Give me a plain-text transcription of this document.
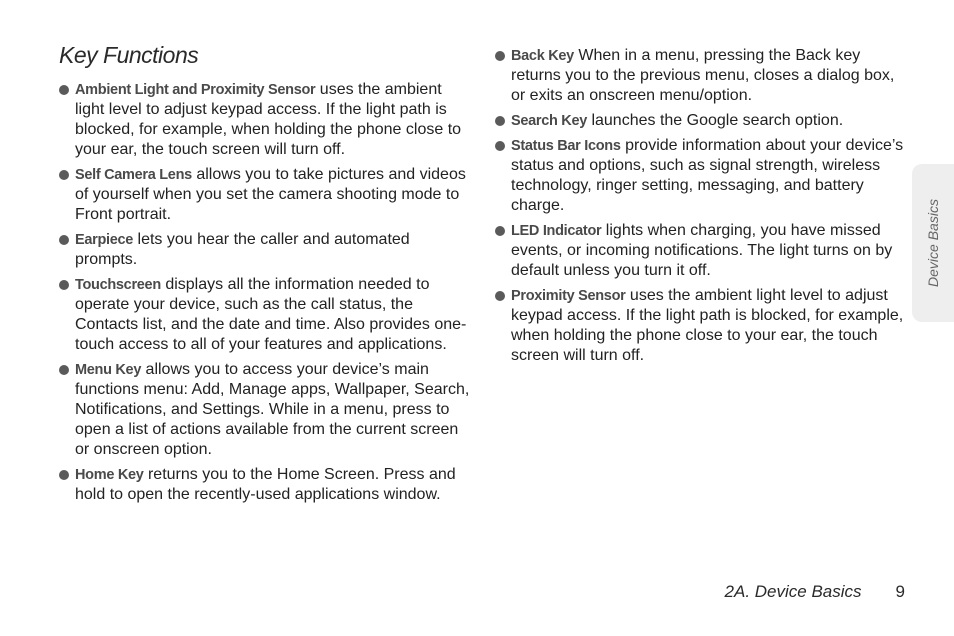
Key Functions
Ambient Light and Proximity Sensor uses the ambient light level to adjust keypad access. If the light path is blocked, for example, when holding the phone close to your ear, the touch screen will turn off.
Self Camera Lens allows you to take pictures and videos of yourself when you set the camera shooting mode to Front portrait.
Earpiece lets you hear the caller and automated prompts.
Touchscreen displays all the information needed to operate your device, such as the call status, the Contacts list, and the date and time. Also provides one-touch access to all of your features and applications.
Menu Key allows you to access your device’s main functions menu: Add, Manage apps, Wallpaper, Search, Notifications, and Settings. While in a menu, press to open a list of actions available from the current screen or onscreen option.
Home Key returns you to the Home Screen. Press and hold to open the recently-used applications window.
Back Key When in a menu, pressing the Back key returns you to the previous menu, closes a dialog box, or exits an onscreen menu/option.
Search Key launches the Google search option.
Status Bar Icons provide information about your device’s status and options, such as signal strength, wireless technology, ringer setting, messaging, and battery charge.
LED Indicator lights when charging, you have missed events, or incoming notifications. The light turns on by default unless you turn it off.
Proximity Sensor uses the ambient light level to adjust keypad access. If the light path is blocked, for example, when holding the phone close to your ear, the touch screen will turn off.
Device Basics
2A. Device Basics 9
